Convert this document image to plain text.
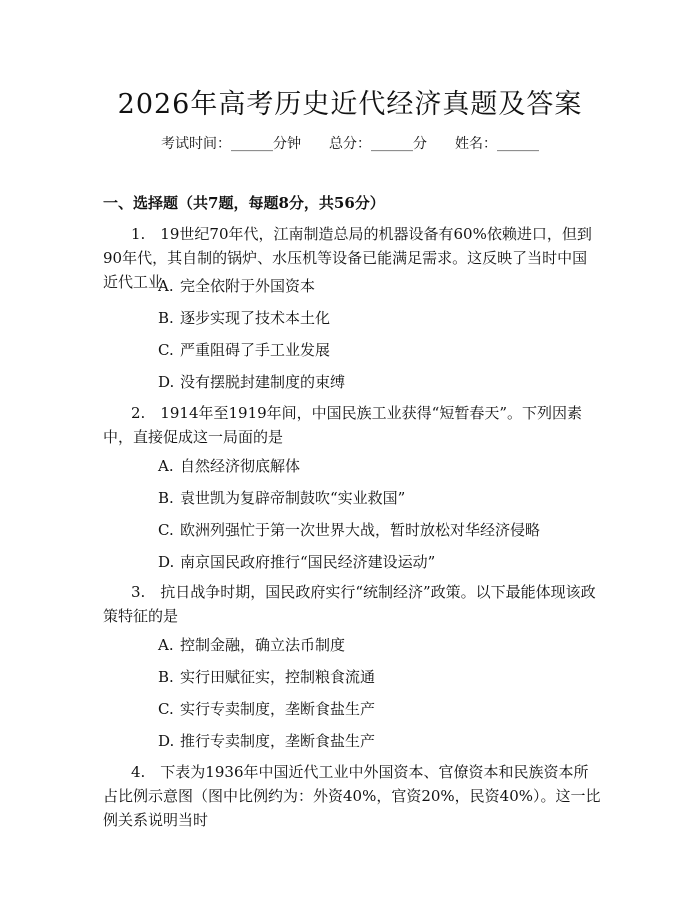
2026年高考历史近代经济真题及答案
考试时间：______分钟 总分：______分 姓名：______
一、选择题（共7题，每题8分，共56分）
1.　19世纪70年代，江南制造总局的机器设备有60%依赖进口，但到90年代，其自制的锅炉、水压机等设备已能满足需求。这反映了当时中国近代工业
A. 完全依附于外国资本
B. 逐步实现了技术本土化
C. 严重阻碍了手工业发展
D. 没有摆脱封建制度的束缚
2.　1914年至1919年间，中国民族工业获得“短暂春天”。下列因素中，直接促成这一局面的是
A. 自然经济彻底解体
B. 袁世凯为复辟帝制鼓吹“实业救国”
C. 欧洲列强忙于第一次世界大战，暂时放松对华经济侵略
D. 南京国民政府推行“国民经济建设运动”
3.　抗日战争时期，国民政府实行“统制经济”政策。以下最能体现该政策特征的是
A. 控制金融，确立法币制度
B. 实行田赋征实，控制粮食流通
C. 实行专卖制度，垄断食盐生产
D. 推行专卖制度，垄断食盐生产
4.　下表为1936年中国近代工业中外国资本、官僚资本和民族资本所占比例示意图（图中比例约为：外资40%，官资20%，民资40%）。这一比例关系说明当时
